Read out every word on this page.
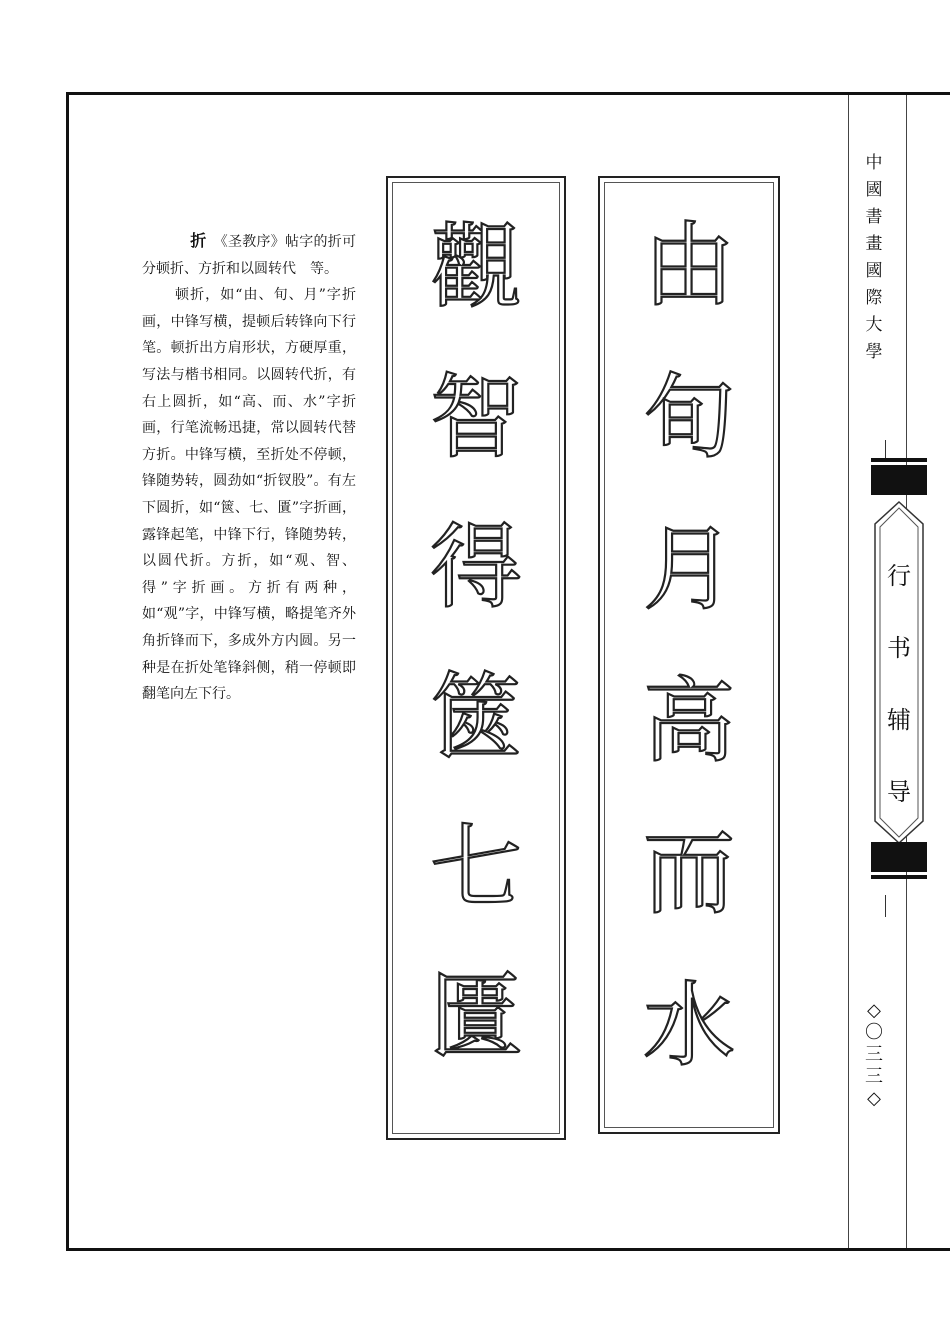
中
國
書
畫
國
際
大
學
行
书
辅
导
◇
〇
三
三
◇

折　 《圣教序》帖字的折可分顿折、方折和以圆转代　等。

顿折，如“由、旬、月”字折画，中锋写横，提顿后转锋向下行笔。顿折出方肩形状，方硬厚重，写法与楷书相同。以圆转代折，有右上圆折，如“高、而、水”字折画，行笔流畅迅捷，常以圆转代替方折。中锋写横，至折处不停顿，锋随势转，圆劲如“折钗股”。有左下圆折，如“篋、七、匱”字折画，露锋起笔，中锋下行，锋随势转，以圆代折。方折，如“观、智、得”字折画。方折有两种，如“观”字，中锋写横，略提笔齐外角折锋而下，多成外方内圆。另一种是在折处笔锋斜侧，稍一停顿即翻笔向左下行。

觀
智
得
篋
七
匱
由
旬
月
高
而
水
